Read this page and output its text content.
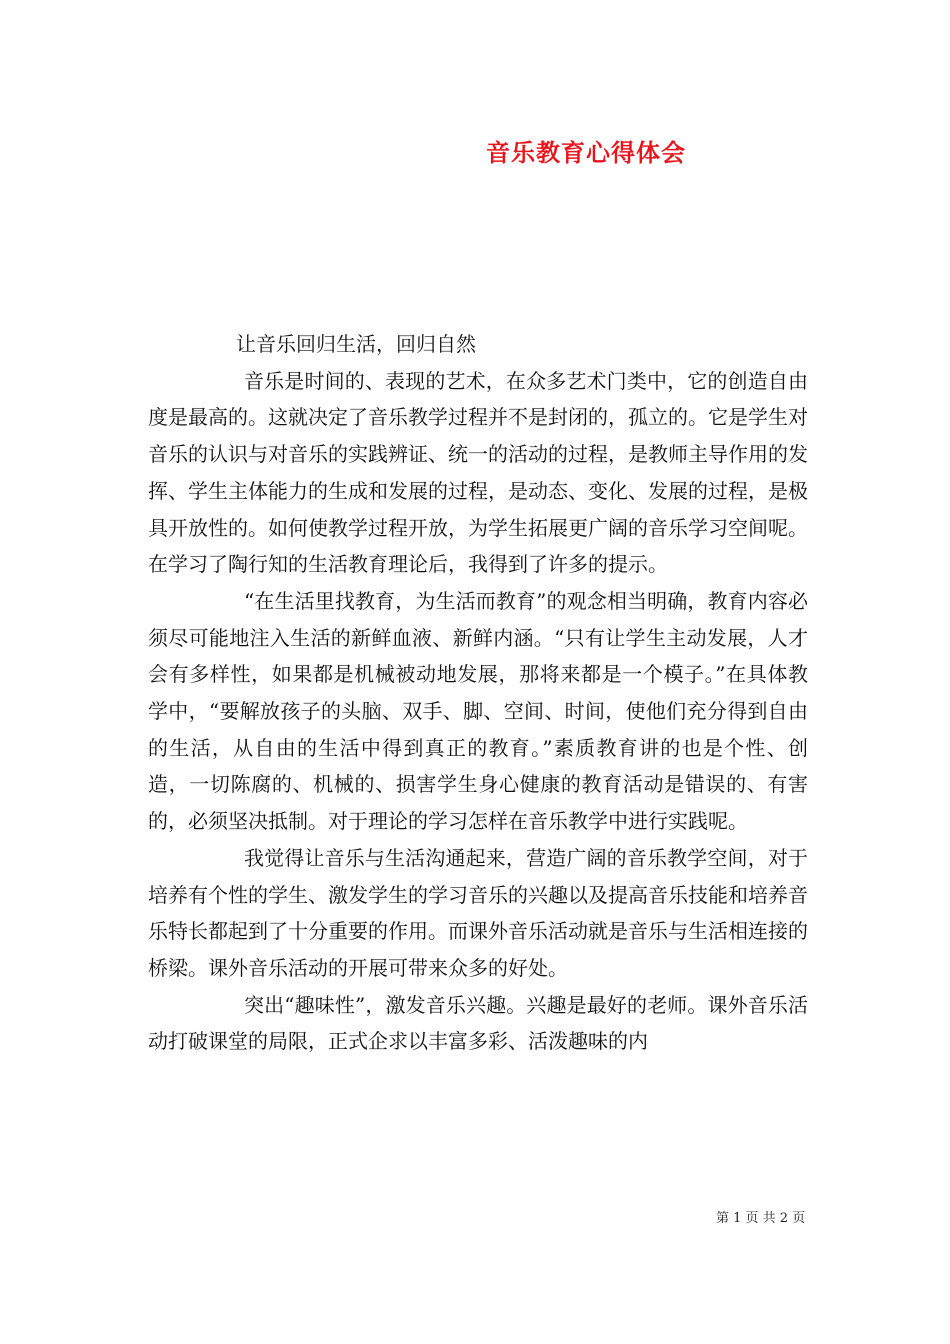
音乐教育心得体会

让音乐回归生活，回归自然

音乐是时间的、表现的艺术，在众多艺术门类中，它的创造自由度是最高的。这就决定了音乐教学过程并不是封闭的，孤立的。它是学生对音乐的认识与对音乐的实践辨证、统一的活动的过程，是教师主导作用的发挥、学生主体能力的生成和发展的过程，是动态、变化、发展的过程，是极具开放性的。如何使教学过程开放，为学生拓展更广阔的音乐学习空间呢。在学习了陶行知的生活教育理论后，我得到了许多的提示。

“在生活里找教育，为生活而教育”的观念相当明确，教育内容必须尽可能地注入生活的新鲜血液、新鲜内涵。“只有让学生主动发展，人才会有多样性，如果都是机械被动地发展，那将来都是一个模子。”在具体教学中，“要解放孩子的头脑、双手、脚、空间、时间，使他们充分得到自由的生活，从自由的生活中得到真正的教育。”素质教育讲的也是个性、创造，一切陈腐的、机械的、损害学生身心健康的教育活动是错误的、有害的，必须坚决抵制。对于理论的学习怎样在音乐教学中进行实践呢。

我觉得让音乐与生活沟通起来，营造广阔的音乐教学空间，对于培养有个性的学生、激发学生的学习音乐的兴趣以及提高音乐技能和培养音乐特长都起到了十分重要的作用。而课外音乐活动就是音乐与生活相连接的桥梁。课外音乐活动的开展可带来众多的好处。

突出“趣味性”，激发音乐兴趣。兴趣是最好的老师。课外音乐活动打破课堂的局限，正式企求以丰富多彩、活泼趣味的内

第 1 页 共 2 页
